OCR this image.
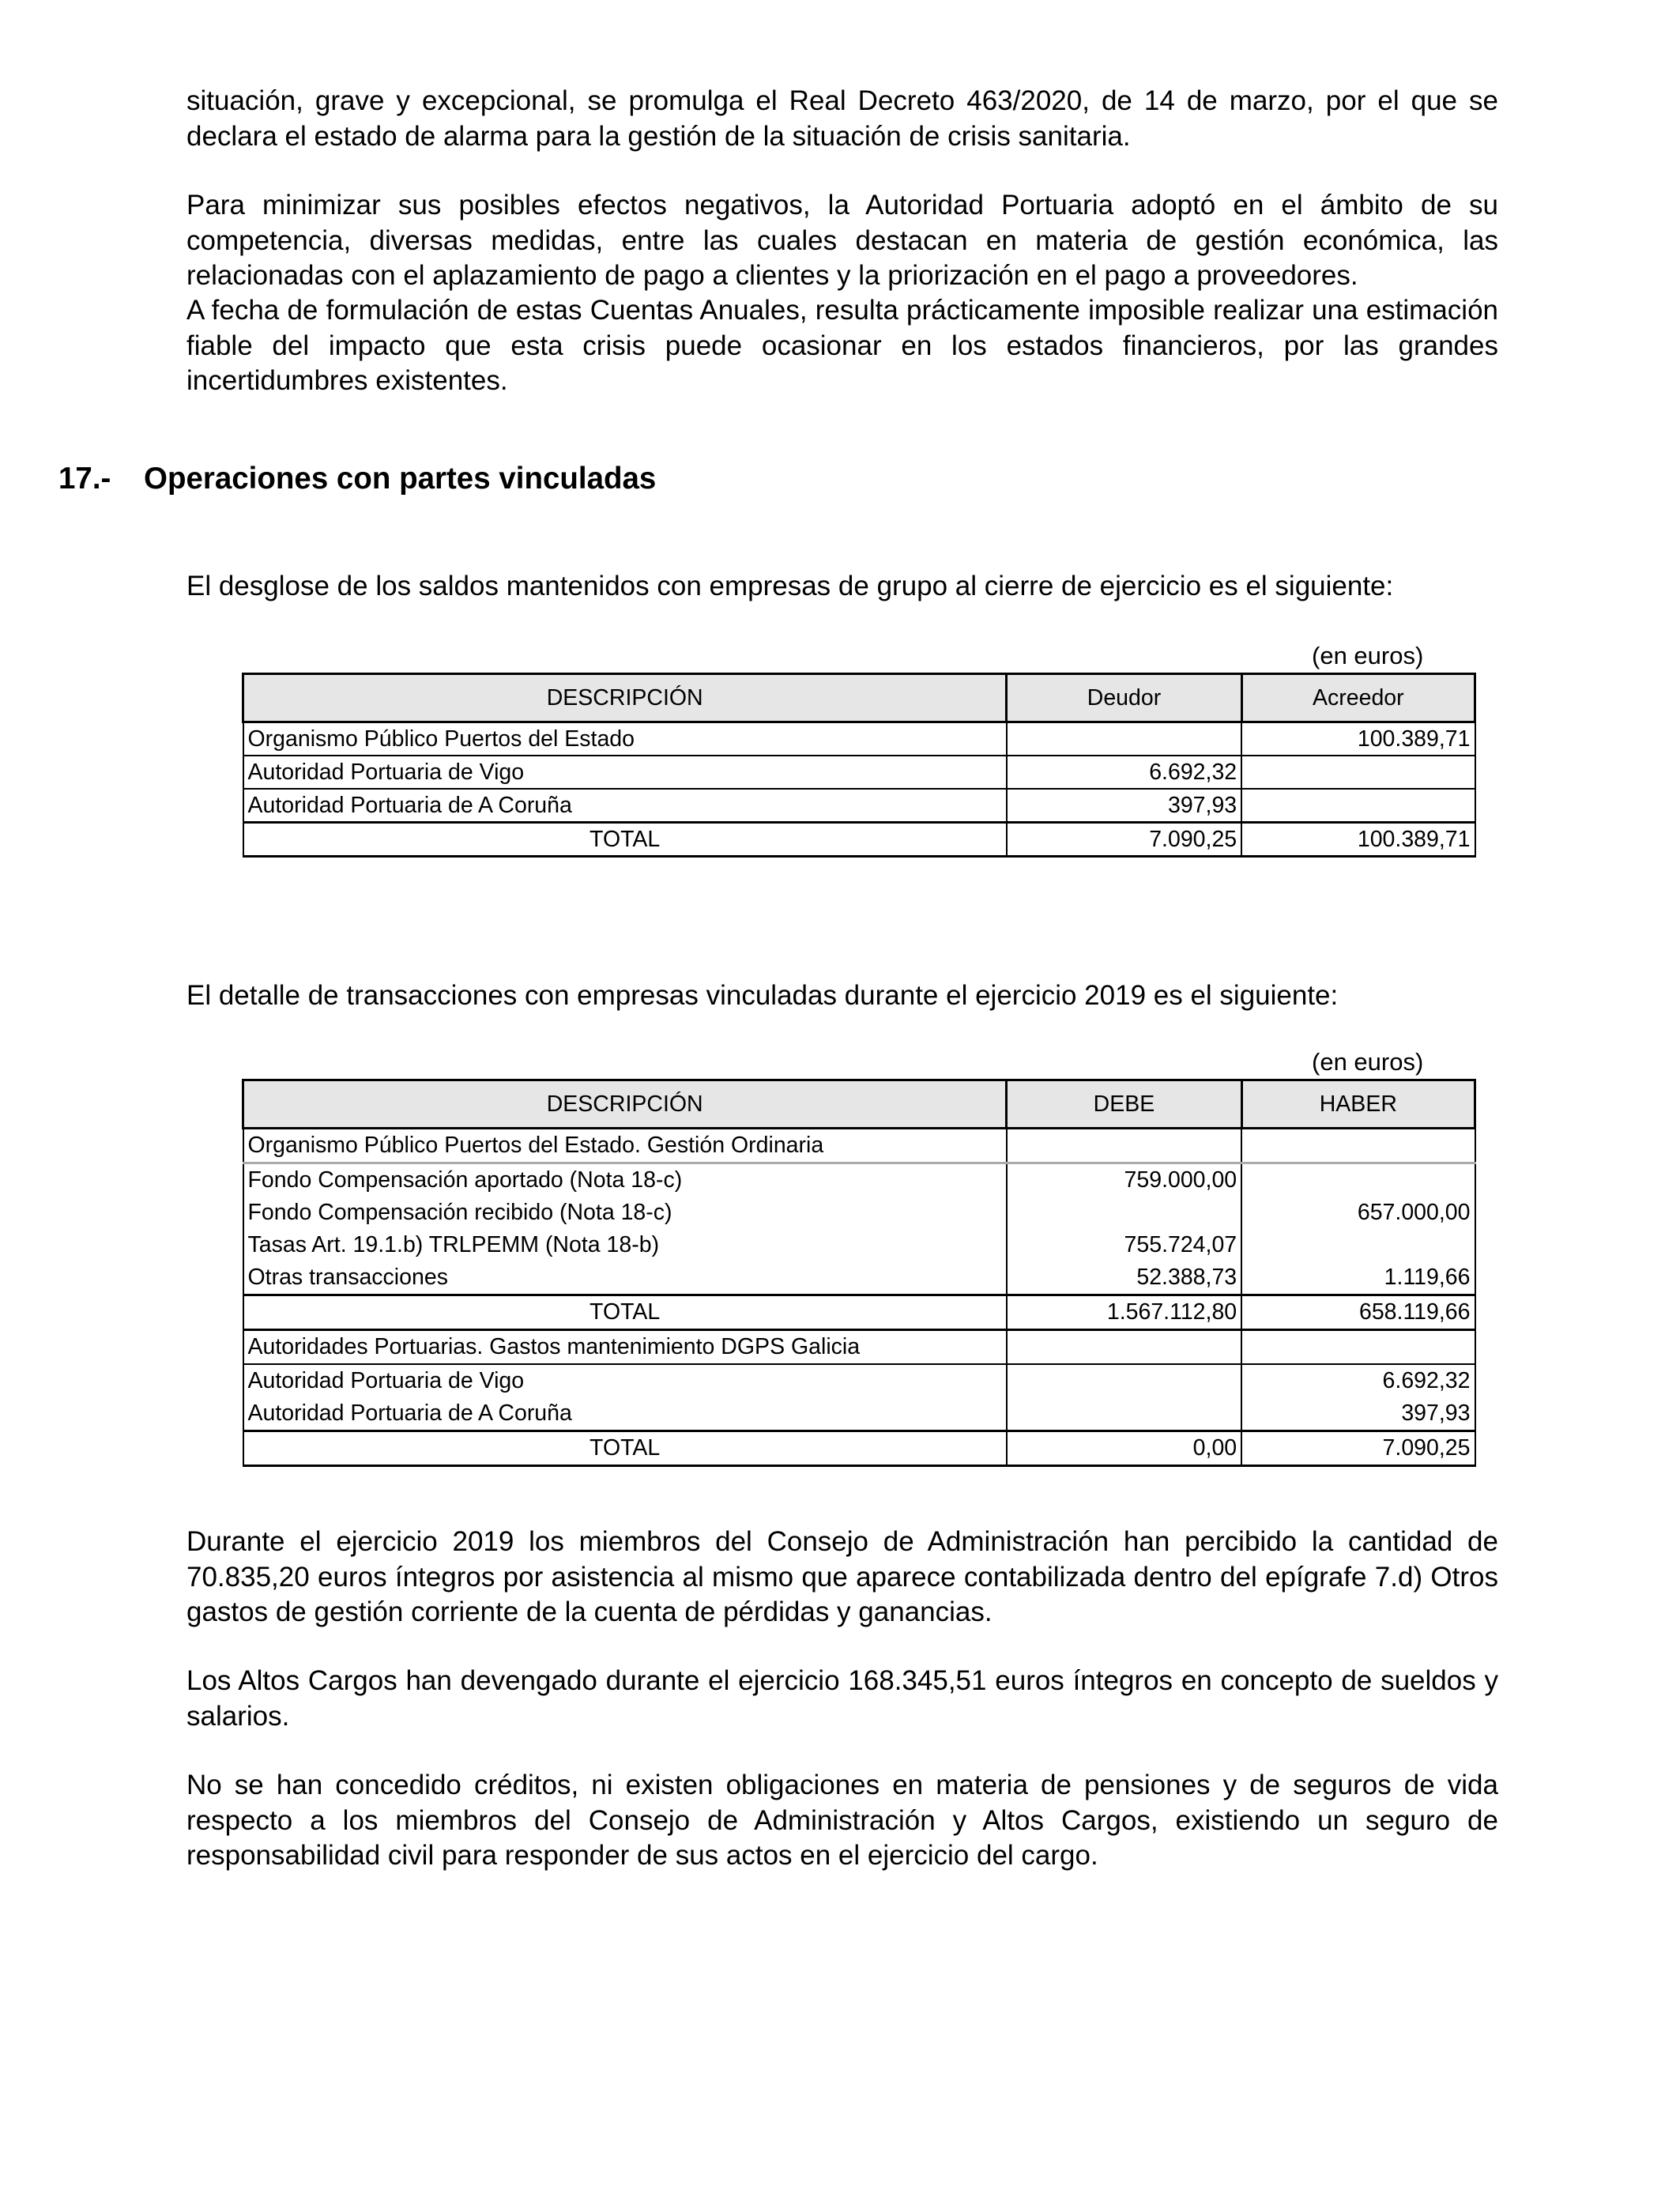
situación, grave y excepcional, se promulga el Real Decreto 463/2020, de 14 de marzo, por el que se declara el estado de alarma para la gestión de la situación de crisis sanitaria.

Para minimizar sus posibles efectos negativos, la Autoridad Portuaria adoptó en el ámbito de su competencia, diversas medidas, entre las cuales destacan en materia de gestión económica, las relacionadas con el aplazamiento de pago a clientes y la priorización en el pago a proveedores.

A fecha de formulación de estas Cuentas Anuales, resulta prácticamente imposible realizar una estimación fiable del impacto que esta crisis puede ocasionar en los estados financieros, por las grandes incertidumbres existentes.

17.- Operaciones con partes vinculadas

El desglose de los saldos mantenidos con empresas de grupo al cierre de ejercicio es el siguiente:

(en euros)

DESCRIPCIÓN	Deudor	Acreedor
Organismo Público Puertos del Estado		100.389,71
Autoridad Portuaria de Vigo	6.692,32	
Autoridad Portuaria de A Coruña	397,93	
TOTAL	7.090,25	100.389,71

El detalle de transacciones con empresas vinculadas durante el ejercicio 2019 es el siguiente:

(en euros)

DESCRIPCIÓN	DEBE	HABER
Organismo Público Puertos del Estado. Gestión Ordinaria		
Fondo Compensación aportado (Nota 18-c)	759.000,00	
Fondo Compensación recibido (Nota 18-c)		657.000,00
Tasas Art. 19.1.b) TRLPEMM (Nota 18-b)	755.724,07	
Otras transacciones	52.388,73	1.119,66
TOTAL	1.567.112,80	658.119,66
Autoridades Portuarias. Gastos mantenimiento DGPS Galicia		
Autoridad Portuaria de Vigo		6.692,32
Autoridad Portuaria de A Coruña		397,93
TOTAL	0,00	7.090,25

Durante el ejercicio 2019 los miembros del Consejo de Administración han percibido la cantidad de 70.835,20 euros íntegros por asistencia al mismo que aparece contabilizada dentro del epígrafe 7.d) Otros gastos de gestión corriente de la cuenta de pérdidas y ganancias.

Los Altos Cargos han devengado durante el ejercicio 168.345,51 euros íntegros en concepto de sueldos y salarios.

No se han concedido créditos, ni existen obligaciones en materia de pensiones y de seguros de vida respecto a los miembros del Consejo de Administración y Altos Cargos, existiendo un seguro de responsabilidad civil para responder de sus actos en el ejercicio del cargo.
